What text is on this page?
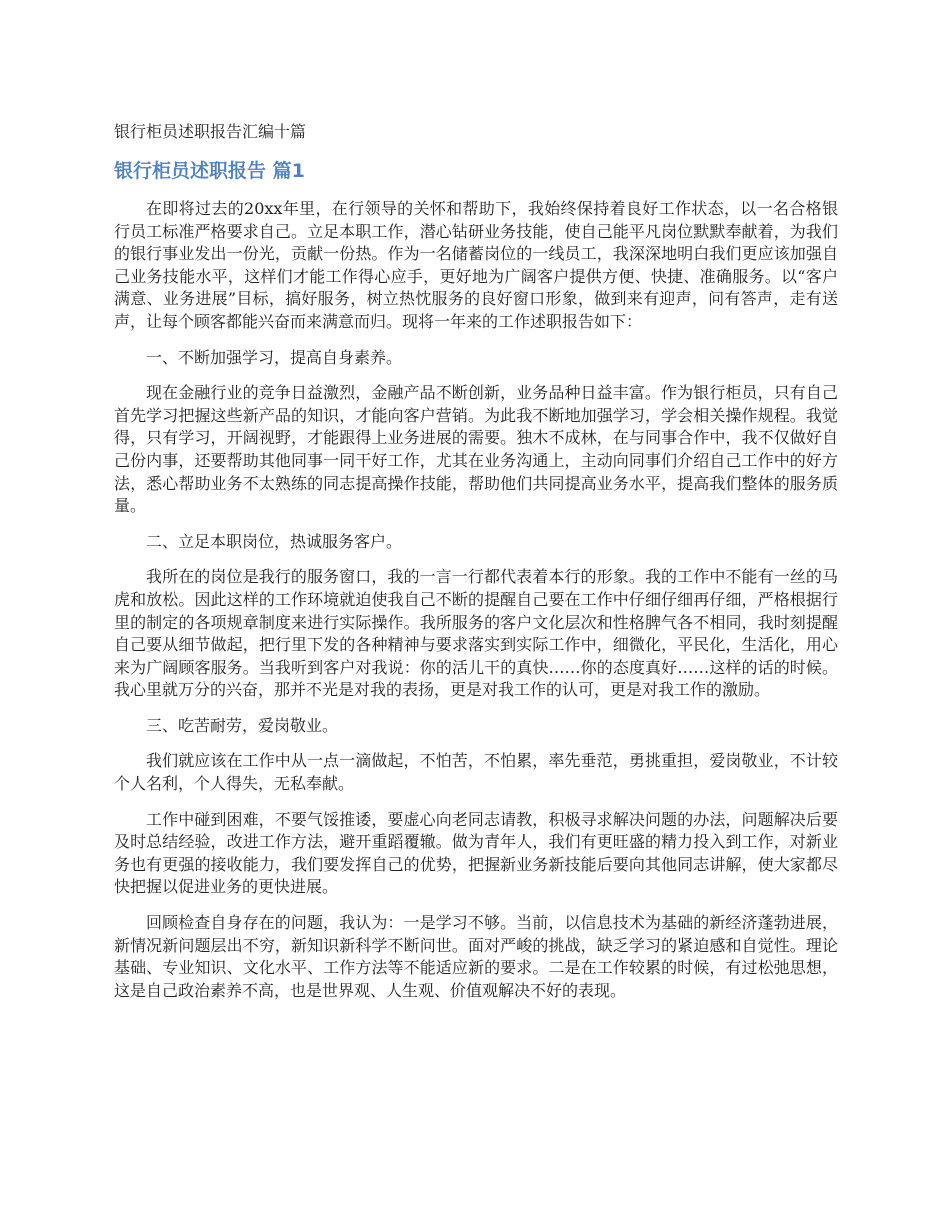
银行柜员述职报告汇编十篇
银行柜员述职报告 篇1

在即将过去的20xx年里，在行领导的关怀和帮助下，我始终保持着良好工作状态，以一名合格银行员工标准严格要求自己。立足本职工作，潜心钻研业务技能，使自己能平凡岗位默默奉献着，为我们的银行事业发出一份光，贡献一份热。作为一名储蓄岗位的一线员工，我深深地明白我们更应该加强自己业务技能水平，这样们才能工作得心应手，更好地为广阔客户提供方便、快捷、准确服务。以“客户满意、业务进展”目标，搞好服务，树立热忱服务的良好窗口形象，做到来有迎声，问有答声，走有送声，让每个顾客都能兴奋而来满意而归。现将一年来的工作述职报告如下：

一、不断加强学习，提高自身素养。

现在金融行业的竞争日益激烈，金融产品不断创新，业务品种日益丰富。作为银行柜员，只有自己首先学习把握这些新产品的知识，才能向客户营销。为此我不断地加强学习，学会相关操作规程。我觉得，只有学习，开阔视野，才能跟得上业务进展的需要。独木不成林，在与同事合作中，我不仅做好自己份内事，还要帮助其他同事一同干好工作，尤其在业务沟通上，主动向同事们介绍自己工作中的好方法，悉心帮助业务不太熟练的同志提高操作技能，帮助他们共同提高业务水平，提高我们整体的服务质量。

二、立足本职岗位，热诚服务客户。

我所在的岗位是我行的服务窗口，我的一言一行都代表着本行的形象。我的工作中不能有一丝的马虎和放松。因此这样的工作环境就迫使我自己不断的提醒自己要在工作中仔细仔细再仔细，严格根据行里的制定的各项规章制度来进行实际操作。我所服务的客户文化层次和性格脾气各不相同，我时刻提醒自己要从细节做起，把行里下发的各种精神与要求落实到实际工作中，细微化，平民化，生活化，用心来为广阔顾客服务。当我听到客户对我说：你的活儿干的真快……你的态度真好……这样的话的时候。我心里就万分的兴奋，那并不光是对我的表扬，更是对我工作的认可，更是对我工作的激励。

三、吃苦耐劳，爱岗敬业。

我们就应该在工作中从一点一滴做起，不怕苦，不怕累，率先垂范，勇挑重担，爱岗敬业，不计较个人名利，个人得失，无私奉献。

工作中碰到困难，不要气馁推诿，要虚心向老同志请教，积极寻求解决问题的办法，问题解决后要及时总结经验，改进工作方法，避开重蹈覆辙。做为青年人，我们有更旺盛的精力投入到工作，对新业务也有更强的接收能力，我们要发挥自己的优势，把握新业务新技能后要向其他同志讲解，使大家都尽快把握以促进业务的更快进展。

回顾检查自身存在的问题，我认为：一是学习不够。当前，以信息技术为基础的新经济蓬勃进展，新情况新问题层出不穷，新知识新科学不断问世。面对严峻的挑战，缺乏学习的紧迫感和自觉性。理论基础、专业知识、文化水平、工作方法等不能适应新的要求。二是在工作较累的时候，有过松弛思想，这是自己政治素养不高，也是世界观、人生观、价值观解决不好的表现。
